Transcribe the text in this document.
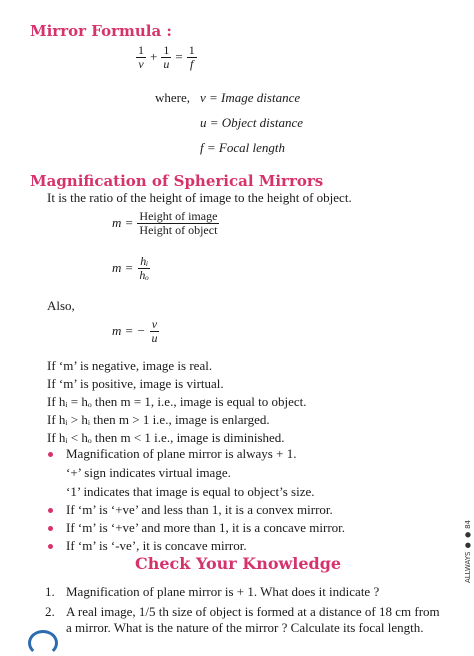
Mirror Formula :
$\frac{1}{v} + \frac{1}{u} = \frac{1}{f}$
where, v = Image distance
u = Object distance
f = Focal length
Magnification of Spherical Mirrors
It is the ratio of the height of image to the height of object.
$m = \frac{\text{Height of image}}{\text{Height of object}}$
$m = \frac{\text{hᵢ}}{\text{hₒ}}$
Also,
m = − $\frac{v}{u}$
If ‘m’ is negative, image is real.
If ‘m’ is positive, image is virtual.
If hᵢ = hₒ then m = 1, i.e., image is equal to object.
If hᵢ > hᵢ then m > 1 i.e., image is enlarged.
If hᵢ < hₒ then m < 1 i.e., image is diminished.
Magnification of plane mirror is always + 1.
‘+’ sign indicates virtual image.
‘1’ indicates that image is equal to object’s size.
If ‘m’ is ‘+ve’ and less than 1, it is a convex mirror.
If ‘m’ is ‘+ve’ and more than 1, it is a concave mirror.
If ‘m’ is ‘-ve’, it is concave mirror.
Check Your Knowledge
1. Magnification of plane mirror is + 1. What does it indicate ?
2. A real image, 1/5 th size of object is formed at a distance of 18 cm from
a mirror. What is the nature of the mirror ? Calculate its focal length.
ALLWAYS ● ● 84
